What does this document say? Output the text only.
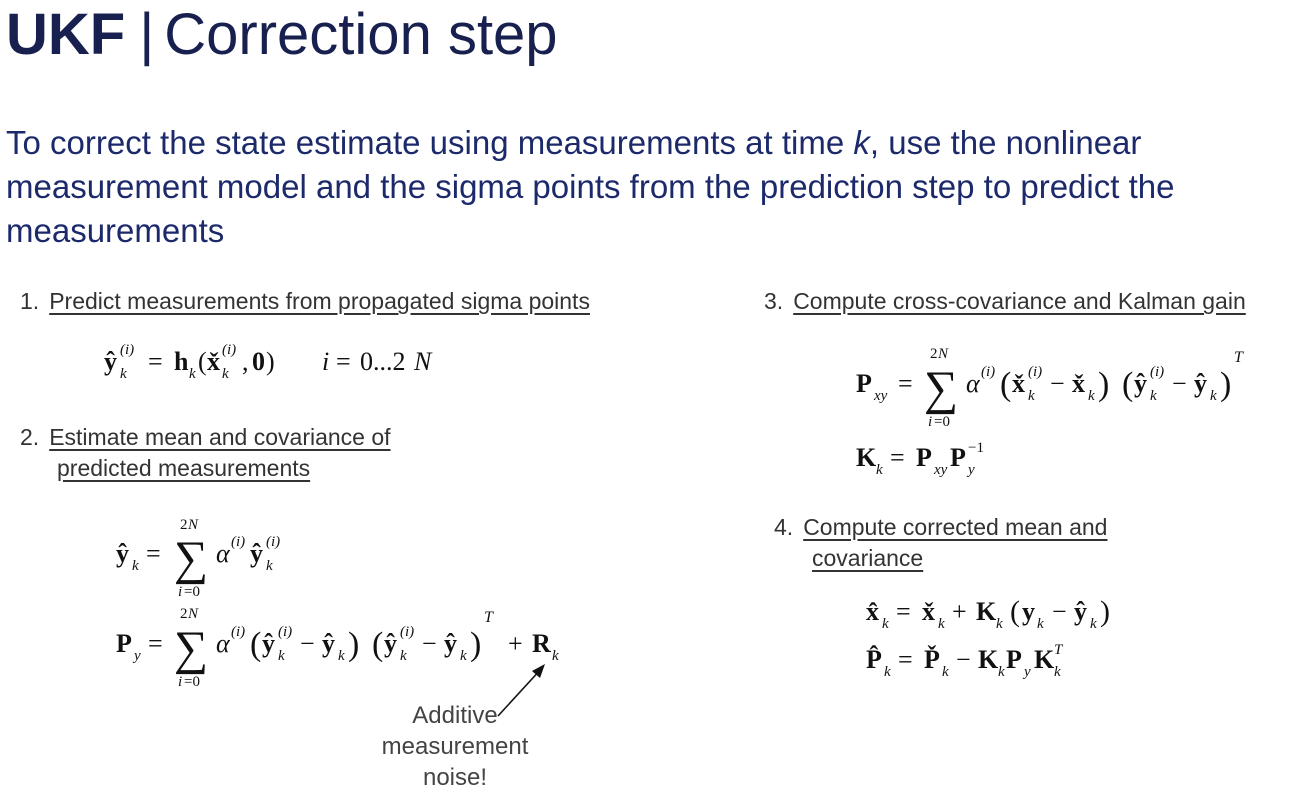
UKF | Correction step
To correct the state estimate using measurements at time k, use the nonlinear measurement model and the sigma points from the prediction step to predict the measurements
1. Predict measurements from propagated sigma points
ŷ (i)
k = h k ( x̌ (i)
k , 0 ) i = 0...2 N
2. Estimate mean and covariance of
predicted measurements
ŷ k =
2 N
∑
i =0
α (i) ŷ (i)
k
P y =
2 N
∑
i =0
α (i) ( ŷ (i)
k − ŷ k ) ( ŷ (i)
k − ŷ k )
T
+ R k
Additive
measurement
noise!
3. Compute cross-covariance and Kalman gain
P xy =
2 N
∑
i =0
α (i) ( x̌ (i)
k − x̌ k ) ( ŷ (i)
k − ŷ k )
T
K k = P xy P y
−1
4. Compute corrected mean and
covariance
x̂ k = x̌ k + K k ( y k − ŷ k )
P̂ k = P̌ k − K k P y K k
T
